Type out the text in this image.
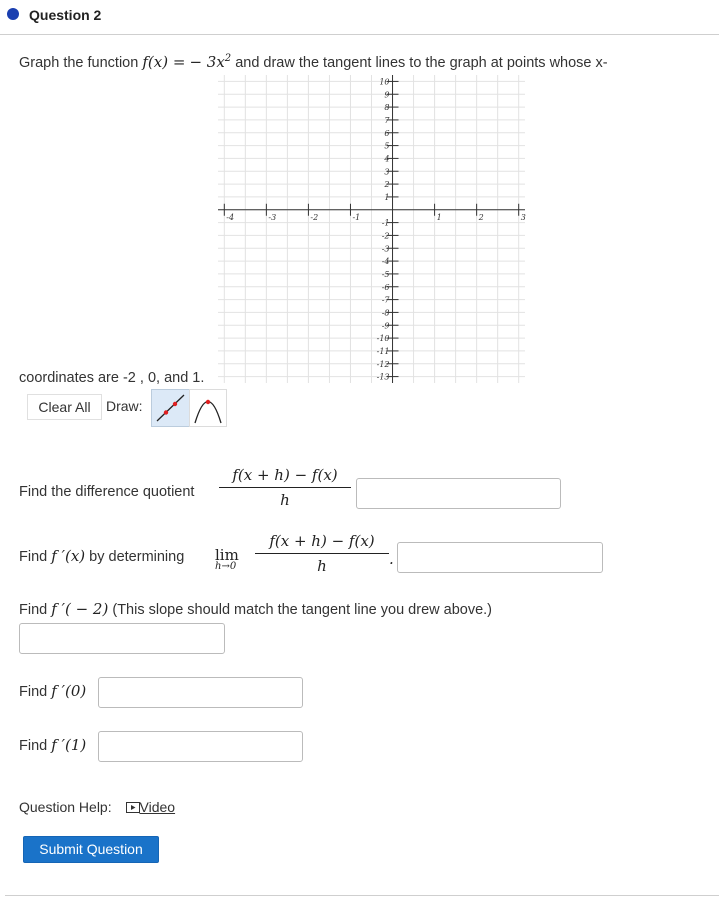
Question 2
Graph the function f(x) = − $3x^2$ and draw the tangent lines to the graph at points whose x-
-4	-3	-2	-1	1	2	3
10
9
8
7
6
5
4
3
2
1
-1
-2
-3
-4
-5
-6
-7
-8
-9
-10
-11
-12
-13
coordinates are -2 , 0, and 1.
Clear All	Draw:
Find the difference quotient
f(x + h) − f(x)
h
Find f ′(x) by determining lim
h→0
f(x + h) − f(x)
h	.
Find f ′( − 2) (This slope should match the tangent line you drew above.)
Find f ′(0)
Find f ′(1)
Question Help: Video
Submit Question
